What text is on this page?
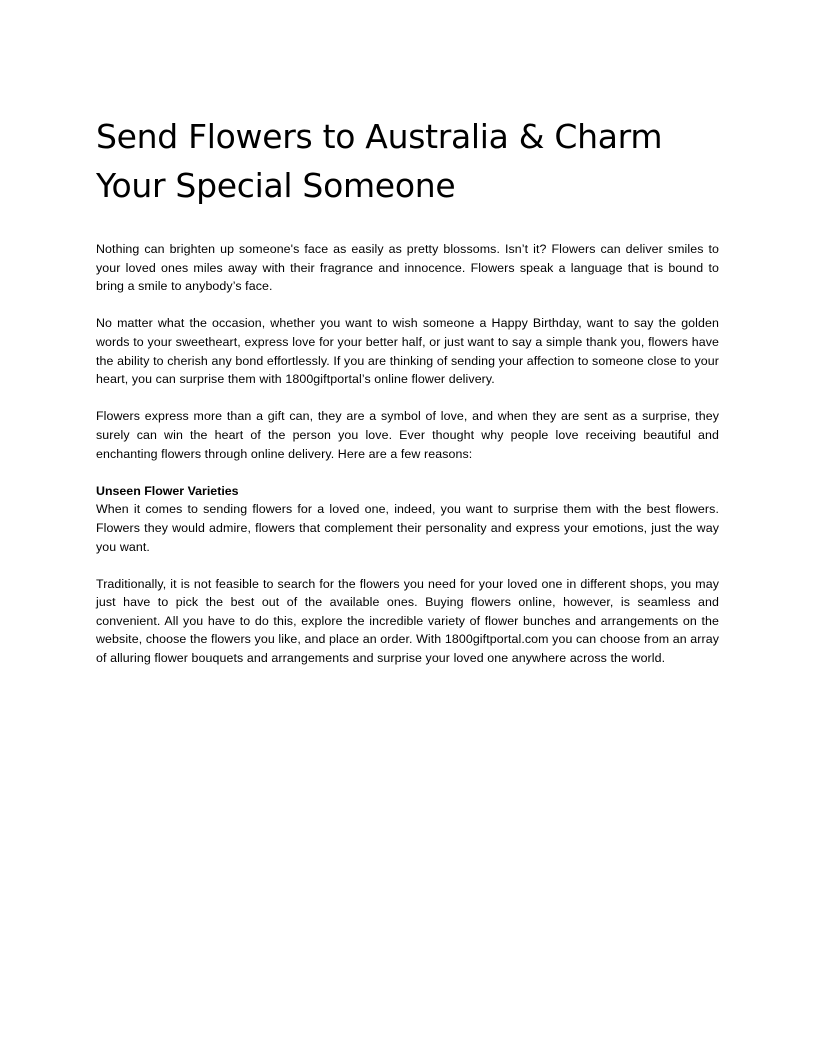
Send Flowers to Australia & Charm Your Special Someone

Nothing can brighten up someone's face as easily as pretty blossoms. Isn’t it? Flowers can deliver smiles to your loved ones miles away with their fragrance and innocence. Flowers speak a language that is bound to bring a smile to anybody’s face.

No matter what the occasion, whether you want to wish someone a Happy Birthday, want to say the golden words to your sweetheart, express love for your better half, or just want to say a simple thank you, flowers have the ability to cherish any bond effortlessly. If you are thinking of sending your affection to someone close to your heart, you can surprise them with 1800giftportal’s online flower delivery.

Flowers express more than a gift can, they are a symbol of love, and when they are sent as a surprise, they surely can win the heart of the person you love. Ever thought why people love receiving beautiful and enchanting flowers through online delivery. Here are a few reasons:

Unseen Flower Varieties

When it comes to sending flowers for a loved one, indeed, you want to surprise them with the best flowers. Flowers they would admire, flowers that complement their personality and express your emotions, just the way you want.

Traditionally, it is not feasible to search for the flowers you need for your loved one in different shops, you may just have to pick the best out of the available ones. Buying flowers online, however, is seamless and convenient. All you have to do this, explore the incredible variety of flower bunches and arrangements on the website, choose the flowers you like, and place an order. With 1800giftportal.com you can choose from an array of alluring flower bouquets and arrangements and surprise your loved one anywhere across the world.
